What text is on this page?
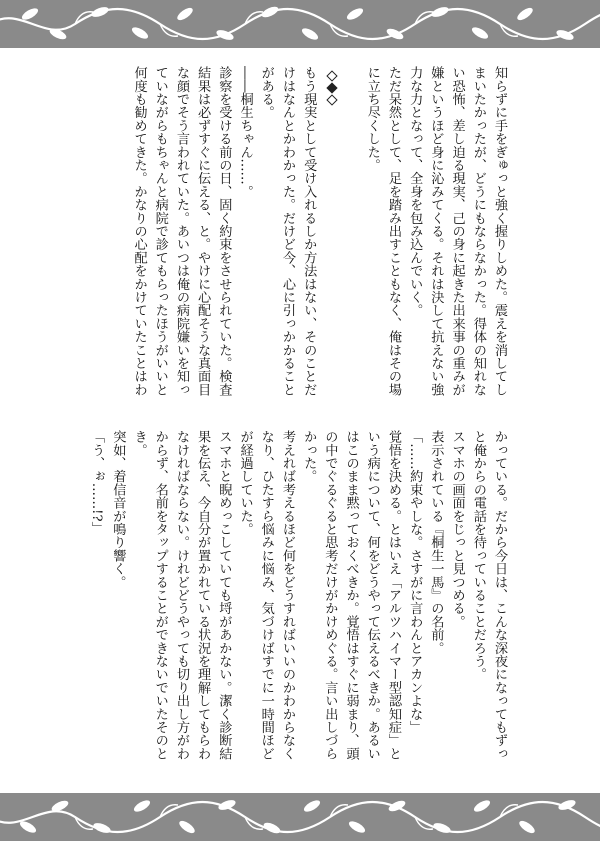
知らずに手をぎゅっと強く握りしめた。震えを消してしまいたかったが、どうにもならなかった。得体の知れない恐怖、差し迫る現実、己の身に起きた出来事の重みが嫌というほど身に沁みてくる。それは決して抗えない強力な力となって、全身を包み込んでいく。

ただ呆然として、足を踏み出すこともなく、俺はその場に立ち尽くした。

もう現実として受け入れるしか方法はない、そのことだけはなんとかわかった。だけど今、心に引っかかることがある。

――桐生ちゃん……。

診察を受ける前の日、固く約束をさせられていた。検査結果は必ずすぐに伝える、と。やけに心配そうな真面目な顔でそう言われていた。あいつは俺の病院嫌いを知っていながらもちゃんと病院で診てもらったほうがいいと何度も勧めてきた。かなりの心配をかけていたことはわ

かっている。だから今日は、こんな深夜になってもずっと俺からの電話を待っていることだろう。

スマホの画面をじっと見つめる。

表示されている『桐生一馬』の名前。

「……約束やしな。さすがに言わんとアカンよな」

覚悟を決める。とはいえ「アルツハイマー型認知症」という病について、何をどうやって伝えるべきか。あるいはこのまま黙っておくべきか。覚悟はすぐに弱まり、頭の中でぐるぐると思考だけがかけめぐる。言い出しづらかった。

考えれば考えるほど何をどうすればいいのかわからなくなり、ひたすら悩みに悩み、気づけばすでに一時間ほどが経過していた。

スマホと睨めっこしていても埒があかない。潔く診断結果を伝え、今自分が置かれている状況を理解してもらわなければならない。けれどどうやっても切り出し方がわからず、名前をタップすることができないでいたそのとき。

突如、着信音が鳴り響く。

「う、ぉ……!?」
